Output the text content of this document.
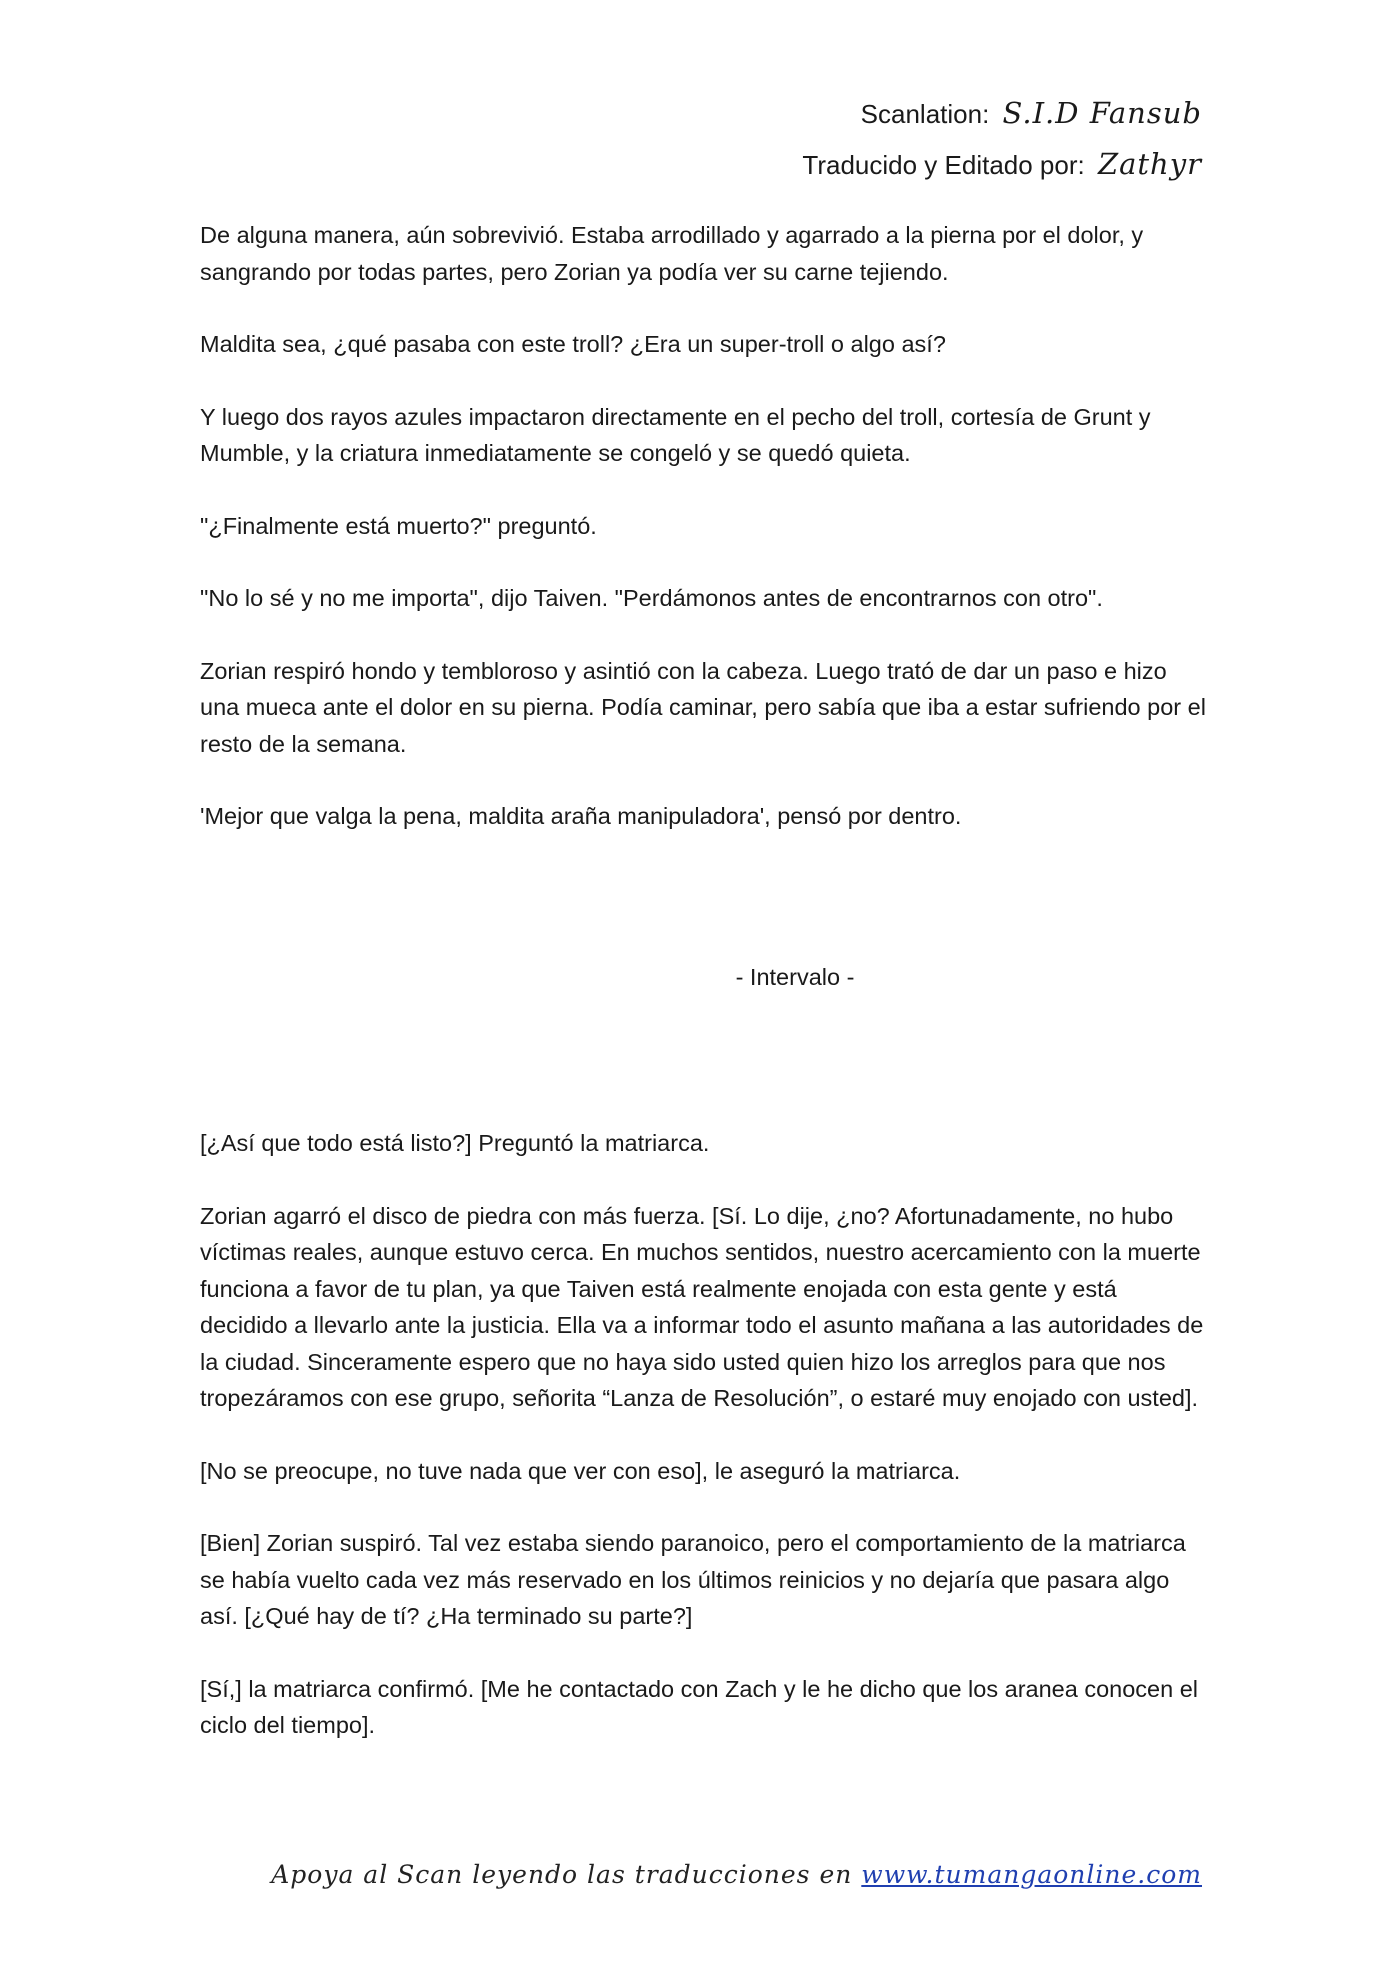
Scanlation: S.I.D Fansub
Traducido y Editado por: Zathyr

De alguna manera, aún sobrevivió. Estaba arrodillado y agarrado a la pierna por el dolor, y sangrando por todas partes, pero Zorian ya podía ver su carne tejiendo.

Maldita sea, ¿qué pasaba con este troll? ¿Era un super-troll o algo así?

Y luego dos rayos azules impactaron directamente en el pecho del troll, cortesía de Grunt y Mumble, y la criatura inmediatamente se congeló y se quedó quieta.

"¿Finalmente está muerto?" preguntó.

"No lo sé y no me importa", dijo Taiven. "Perdámonos antes de encontrarnos con otro".

Zorian respiró hondo y tembloroso y asintió con la cabeza. Luego trató de dar un paso e hizo una mueca ante el dolor en su pierna. Podía caminar, pero sabía que iba a estar sufriendo por el resto de la semana.

'Mejor que valga la pena, maldita araña manipuladora', pensó por dentro.

- Intervalo -

[¿Así que todo está listo?] Preguntó la matriarca.

Zorian agarró el disco de piedra con más fuerza. [Sí. Lo dije, ¿no? Afortunadamente, no hubo víctimas reales, aunque estuvo cerca. En muchos sentidos, nuestro acercamiento con la muerte funciona a favor de tu plan, ya que Taiven está realmente enojada con esta gente y está decidido a llevarlo ante la justicia. Ella va a informar todo el asunto mañana a las autoridades de la ciudad. Sinceramente espero que no haya sido usted quien hizo los arreglos para que nos tropezáramos con ese grupo, señorita “Lanza de Resolución”, o estaré muy enojado con usted].

[No se preocupe, no tuve nada que ver con eso], le aseguró la matriarca.

[Bien] Zorian suspiró. Tal vez estaba siendo paranoico, pero el comportamiento de la matriarca se había vuelto cada vez más reservado en los últimos reinicios y no dejaría que pasara algo así. [¿Qué hay de tí? ¿Ha terminado su parte?]

[Sí,] la matriarca confirmó. [Me he contactado con Zach y le he dicho que los aranea conocen el ciclo del tiempo].

Apoya al Scan leyendo las traducciones en www.tumangaonline.com
